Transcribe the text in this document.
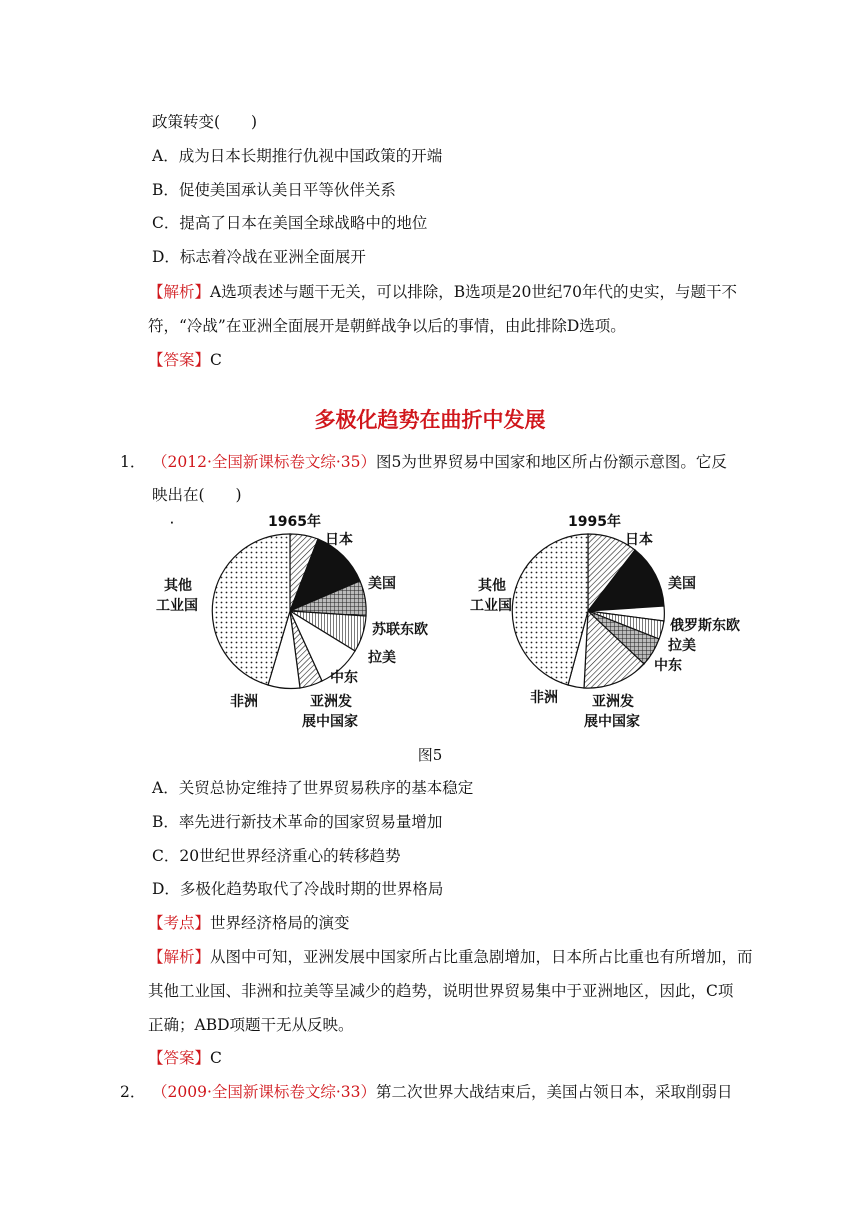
政策转变(　　)
A．成为日本长期推行仇视中国政策的开端
B．促使美国承认美日平等伙伴关系
C．提高了日本在美国全球战略中的地位
D．标志着冷战在亚洲全面展开
【解析】A选项表述与题干无关，可以排除，B选项是20世纪70年代的史实，与题干不
符，“冷战”在亚洲全面展开是朝鲜战争以后的事情，由此排除D选项。
【答案】C
多极化趋势在曲折中发展
1． （2012·全国新课标卷文综·35）图5为世界贸易中国家和地区所占份额示意图。它反
映出在(　　)
·	1965年
日本
美国
苏联东欧
拉美
中东
亚洲发
展中国家
非洲
其他
工业国
1995年
日本
美国
俄罗斯东欧
拉美
中东
亚洲发
展中国家
非洲
其他
工业国
图5
A．关贸总协定维持了世界贸易秩序的基本稳定
B．率先进行新技术革命的国家贸易量增加
C．20世纪世界经济重心的转移趋势
D．多极化趋势取代了冷战时期的世界格局
【考点】世界经济格局的演变
【解析】从图中可知，亚洲发展中国家所占比重急剧增加，日本所占比重也有所增加，而
其他工业国、非洲和拉美等呈减少的趋势，说明世界贸易集中于亚洲地区，因此，C项
正确；ABD项题干无从反映。
【答案】C
2． （2009·全国新课标卷文综·33）第二次世界大战结束后，美国占领日本，采取削弱日
